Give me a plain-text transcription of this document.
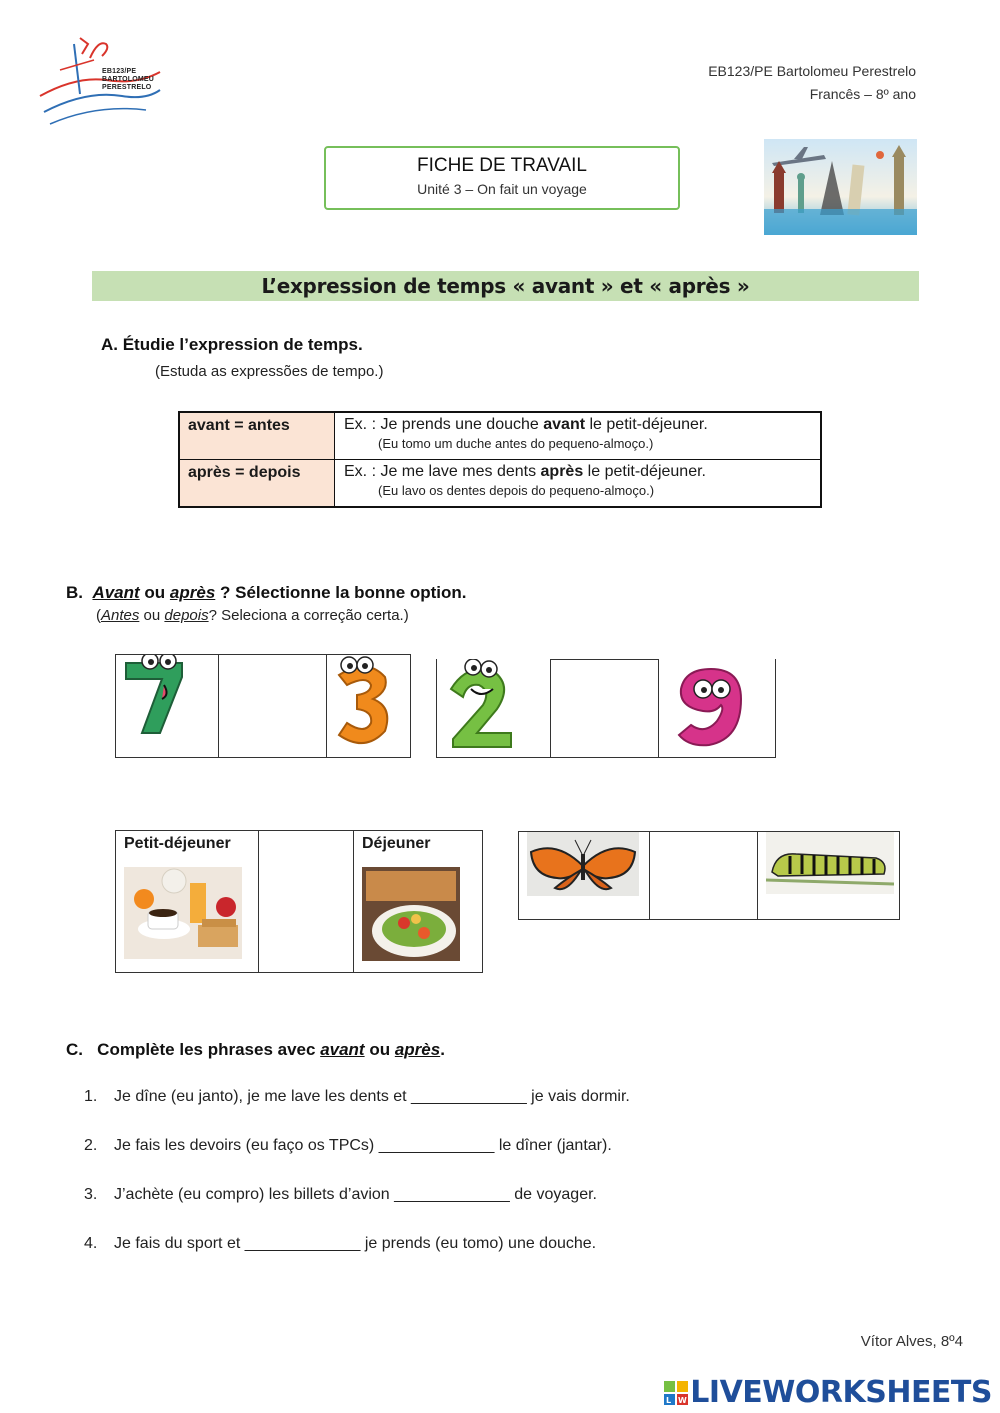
EB123/PE
BARTOLOMEU
PERESTRELO
EB123/PE Bartolomeu Perestrelo
Francês – 8º ano
FICHE DE TRAVAIL
Unité 3 – On fait un voyage
L’expression de temps « avant » et « après »
A. Étudie l’expression de temps.
(Estuda as expressões de tempo.)
avant = antes	Ex. : Je prends une douche avant le petit-déjeuner.
(Eu tomo um duche antes do pequeno-almoço.)
après = depois	Ex. : Je me lave mes dents après le petit-déjeuner.
(Eu lavo os dentes depois do pequeno-almoço.)
B. Avant ou après ? Sélectionne la bonne option.
(Antes ou depois? Seleciona a correção certa.)
7
Petit-déjeuner	Déjeuner
C. Complète les phrases avec avant ou après.
1. Je dîne (eu janto), je me lave les dents et _____________ je vais dormir.
2. Je fais les devoirs (eu faço os TPCs) _____________ le dîner (jantar).
3. J’achète (eu compro) les billets d’avion _____________ de voyager.
4. Je fais du sport et _____________ je prends (eu tomo) une douche.
Vítor Alves, 8º4
L W LIVEWORKSHEETS
